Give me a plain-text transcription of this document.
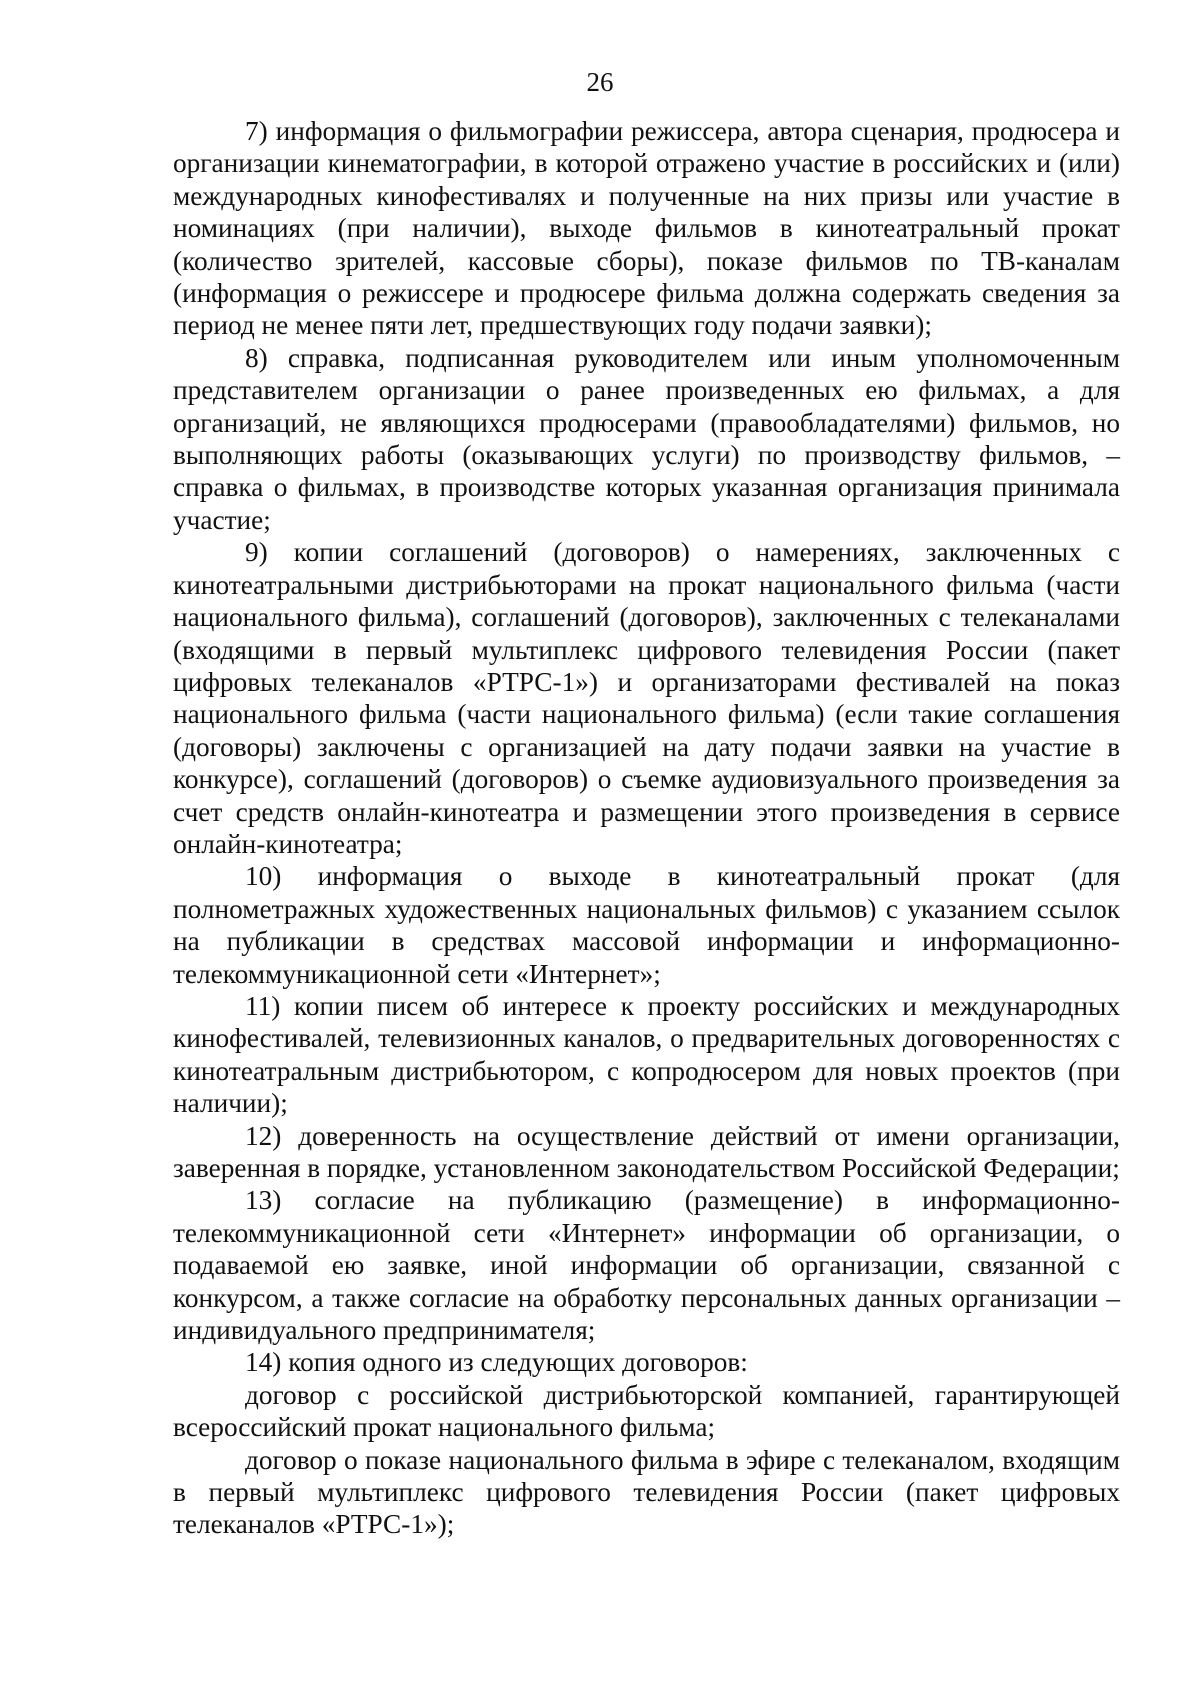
26

7) информация о фильмографии режиссера, автора сценария, продюсера и организации кинематографии, в которой отражено участие в российских и (или) международных кинофестивалях и полученные на них призы или участие в номинациях (при наличии), выходе фильмов в кинотеатральный прокат (количество зрителей, кассовые сборы), показе фильмов по ТВ-каналам (информация о режиссере и продюсере фильма должна содержать сведения за период не менее пяти лет, предшествующих году подачи заявки);

8) справка, подписанная руководителем или иным уполномоченным представителем организации о ранее произведенных ею фильмах, а для организаций, не являющихся продюсерами (правообладателями) фильмов, но выполняющих работы (оказывающих услуги) по производству фильмов, – справка о фильмах, в производстве которых указанная организация принимала участие;

9) копии соглашений (договоров) о намерениях, заключенных с кинотеатральными дистрибьюторами на прокат национального фильма (части национального фильма), соглашений (договоров), заключенных с телеканалами (входящими в первый мультиплекс цифрового телевидения России (пакет цифровых телеканалов «РТРС-1») и организаторами фестивалей на показ национального фильма (части национального фильма) (если такие соглашения (договоры) заключены с организацией на дату подачи заявки на участие в конкурсе), соглашений (договоров) о съемке аудиовизуального произведения за счет средств онлайн-кинотеатра и размещении этого произведения в сервисе онлайн-кинотеатра;

10) информация о выходе в кинотеатральный прокат (для полнометражных художественных национальных фильмов) с указанием ссылок на публикации в средствах массовой информации и информационно-телекоммуникационной сети «Интернет»;

11) копии писем об интересе к проекту российских и международных кинофестивалей, телевизионных каналов, о предварительных договоренностях с кинотеатральным дистрибьютором, с копродюсером для новых проектов (при наличии);

12) доверенность на осуществление действий от имени организации, заверенная в порядке, установленном законодательством Российской Федерации;

13) согласие на публикацию (размещение) в информационно-телекоммуникационной сети «Интернет» информации об организации, о подаваемой ею заявке, иной информации об организации, связанной с конкурсом, а также согласие на обработку персональных данных организации – индивидуального предпринимателя;

14) копия одного из следующих договоров:

договор с российской дистрибьюторской компанией, гарантирующей всероссийский прокат национального фильма;

договор о показе национального фильма в эфире с телеканалом, входящим в первый мультиплекс цифрового телевидения России (пакет цифровых телеканалов «РТРС-1»);
